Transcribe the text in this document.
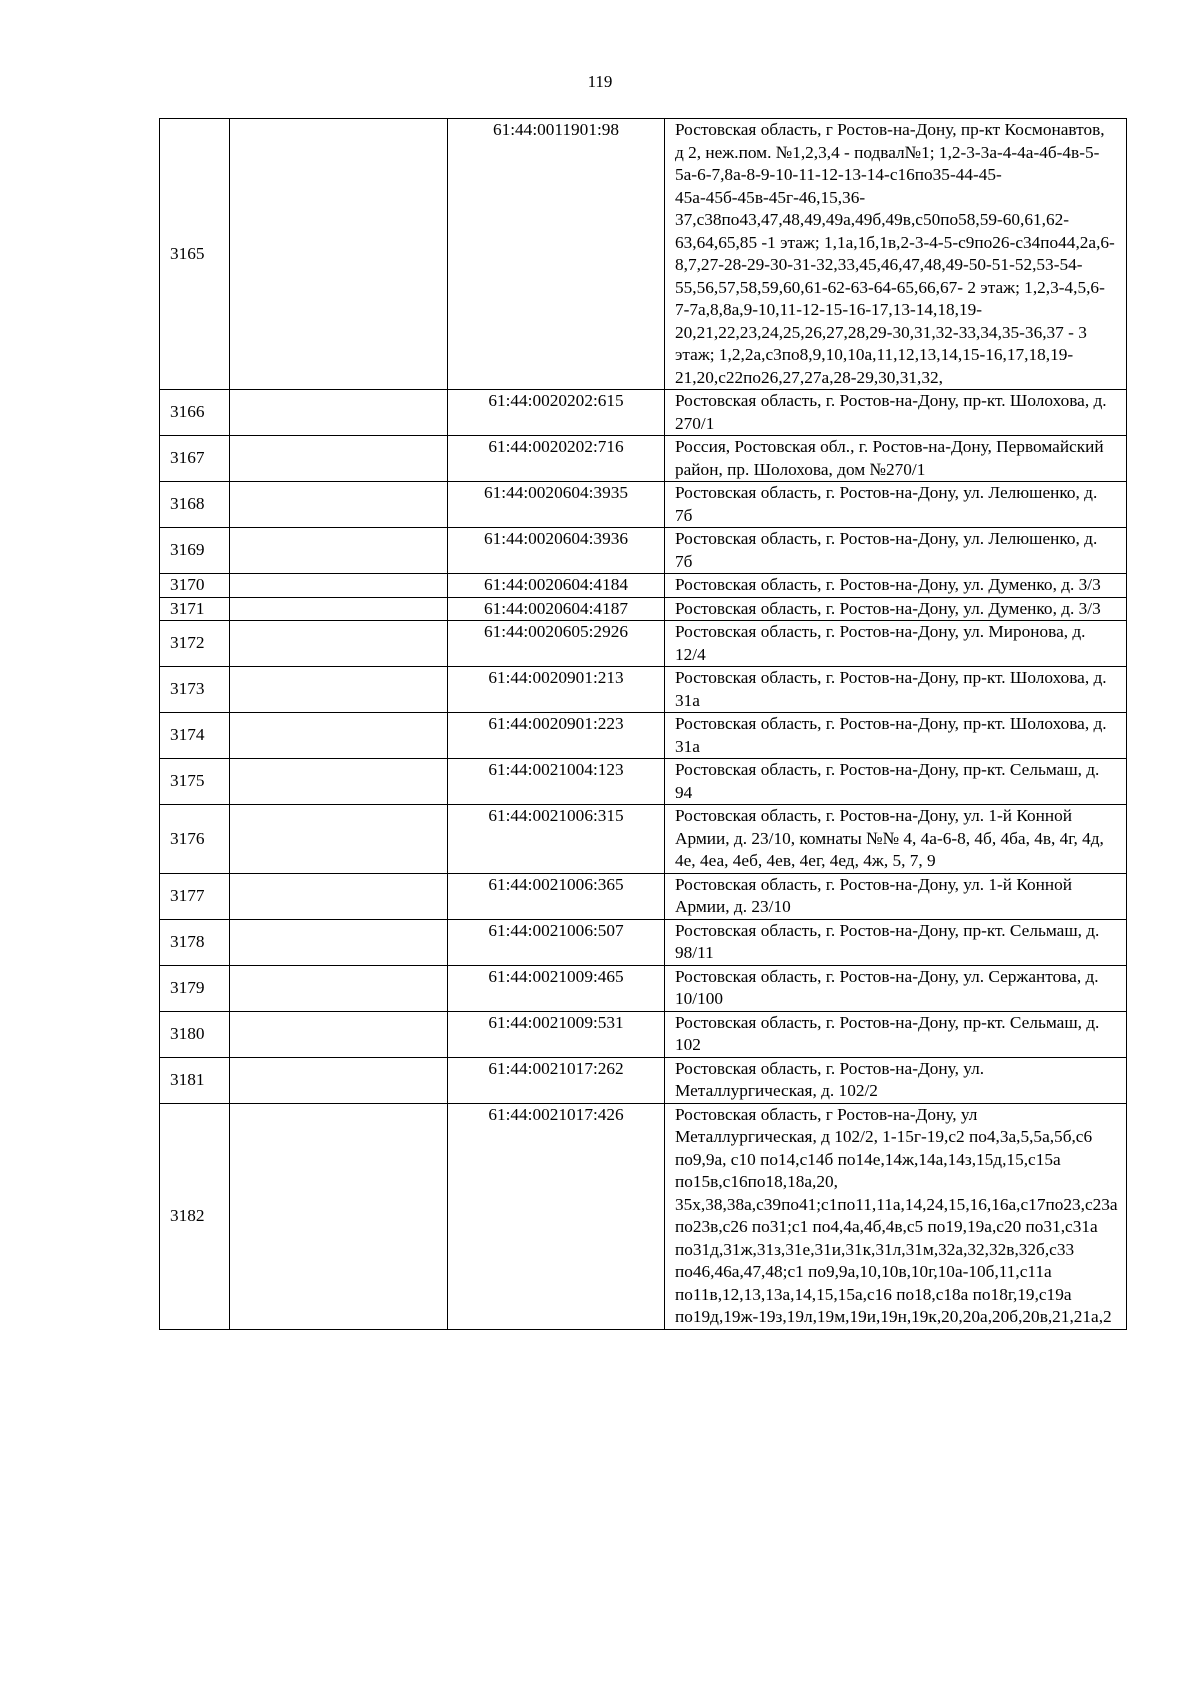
119
3165		61:44:0011901:98	Ростовская область, г Ростов-на-Дону, пр-кт Космонавтов, д 2, неж.пом. №1,2,3,4 - подвал№1; 1,2-3-3а-4-4а-4б-4в-5-5а-6-7,8а-8-9-10-11-12-13-14-с16по35-44-45-45а-45б-45в-45г-46,15,36-37,с38по43,47,48,49,49а,49б,49в,с50по58,59-60,61,62-63,64,65,85 -1 этаж; 1,1а,1б,1в,2-3-4-5-с9по26-с34по44,2а,6-8,7,27-28-29-30-31-32,33,45,46,47,48,49-50-51-52,53-54-55,56,57,58,59,60,61-62-63-64-65,66,67- 2 этаж; 1,2,3-4,5,6-7-7а,8,8а,9-10,11-12-15-16-17,13-14,18,19-20,21,22,23,24,25,26,27,28,29-30,31,32-33,34,35-36,37 - 3 этаж; 1,2,2а,с3по8,9,10,10а,11,12,13,14,15-16,17,18,19-21,20,с22по26,27,27а,28-29,30,31,32,
3166		61:44:0020202:615	Ростовская область, г. Ростов-на-Дону, пр-кт. Шолохова, д. 270/1
3167		61:44:0020202:716	Россия, Ростовская обл., г. Ростов-на-Дону, Первомайский район, пр. Шолохова, дом №270/1
3168		61:44:0020604:3935	Ростовская область, г. Ростов-на-Дону, ул. Лелюшенко, д. 7б
3169		61:44:0020604:3936	Ростовская область, г. Ростов-на-Дону, ул. Лелюшенко, д. 7б
3170		61:44:0020604:4184	Ростовская область, г. Ростов-на-Дону, ул. Думенко, д. 3/3
3171		61:44:0020604:4187	Ростовская область, г. Ростов-на-Дону, ул. Думенко, д. 3/3
3172		61:44:0020605:2926	Ростовская область, г. Ростов-на-Дону, ул. Миронова, д. 12/4
3173		61:44:0020901:213	Ростовская область, г. Ростов-на-Дону, пр-кт. Шолохова, д. 31а
3174		61:44:0020901:223	Ростовская область, г. Ростов-на-Дону, пр-кт. Шолохова, д. 31а
3175		61:44:0021004:123	Ростовская область, г. Ростов-на-Дону, пр-кт. Сельмаш, д. 94
3176		61:44:0021006:315	Ростовская область, г. Ростов-на-Дону, ул. 1-й Конной Армии, д. 23/10, комнаты №№ 4, 4а-6-8, 4б, 4ба, 4в, 4г, 4д, 4е, 4еа, 4еб, 4ев, 4ег, 4ед, 4ж, 5, 7, 9
3177		61:44:0021006:365	Ростовская область, г. Ростов-на-Дону, ул. 1-й Конной Армии, д. 23/10
3178		61:44:0021006:507	Ростовская область, г. Ростов-на-Дону, пр-кт. Сельмаш, д. 98/11
3179		61:44:0021009:465	Ростовская область, г. Ростов-на-Дону, ул. Сержантова, д. 10/100
3180		61:44:0021009:531	Ростовская область, г. Ростов-на-Дону, пр-кт. Сельмаш, д. 102
3181		61:44:0021017:262	Ростовская область, г. Ростов-на-Дону, ул. Металлургическая, д. 102/2
3182		61:44:0021017:426	Ростовская область, г Ростов-на-Дону, ул Металлургическая, д 102/2, 1-15г-19,с2 по4,3а,5,5а,5б,с6 по9,9а, с10 по14,с14б по14е,14ж,14а,14з,15д,15,с15а по15в,с16по18,18а,20, 35х,38,38а,с39по41;с1по11,11а,14,24,15,16,16а,с17по23,с23а по23в,с26 по31;с1 по4,4а,4б,4в,с5 по19,19а,с20 по31,с31а по31д,31ж,31з,31е,31и,31к,31л,31м,32а,32,32в,32б,с33 по46,46а,47,48;с1 по9,9а,10,10в,10г,10а-10б,11,с11а по11в,12,13,13а,14,15,15а,с16 по18,с18а по18г,19,с19а по19д,19ж-19з,19л,19м,19и,19н,19к,20,20а,20б,20в,21,21а,2
